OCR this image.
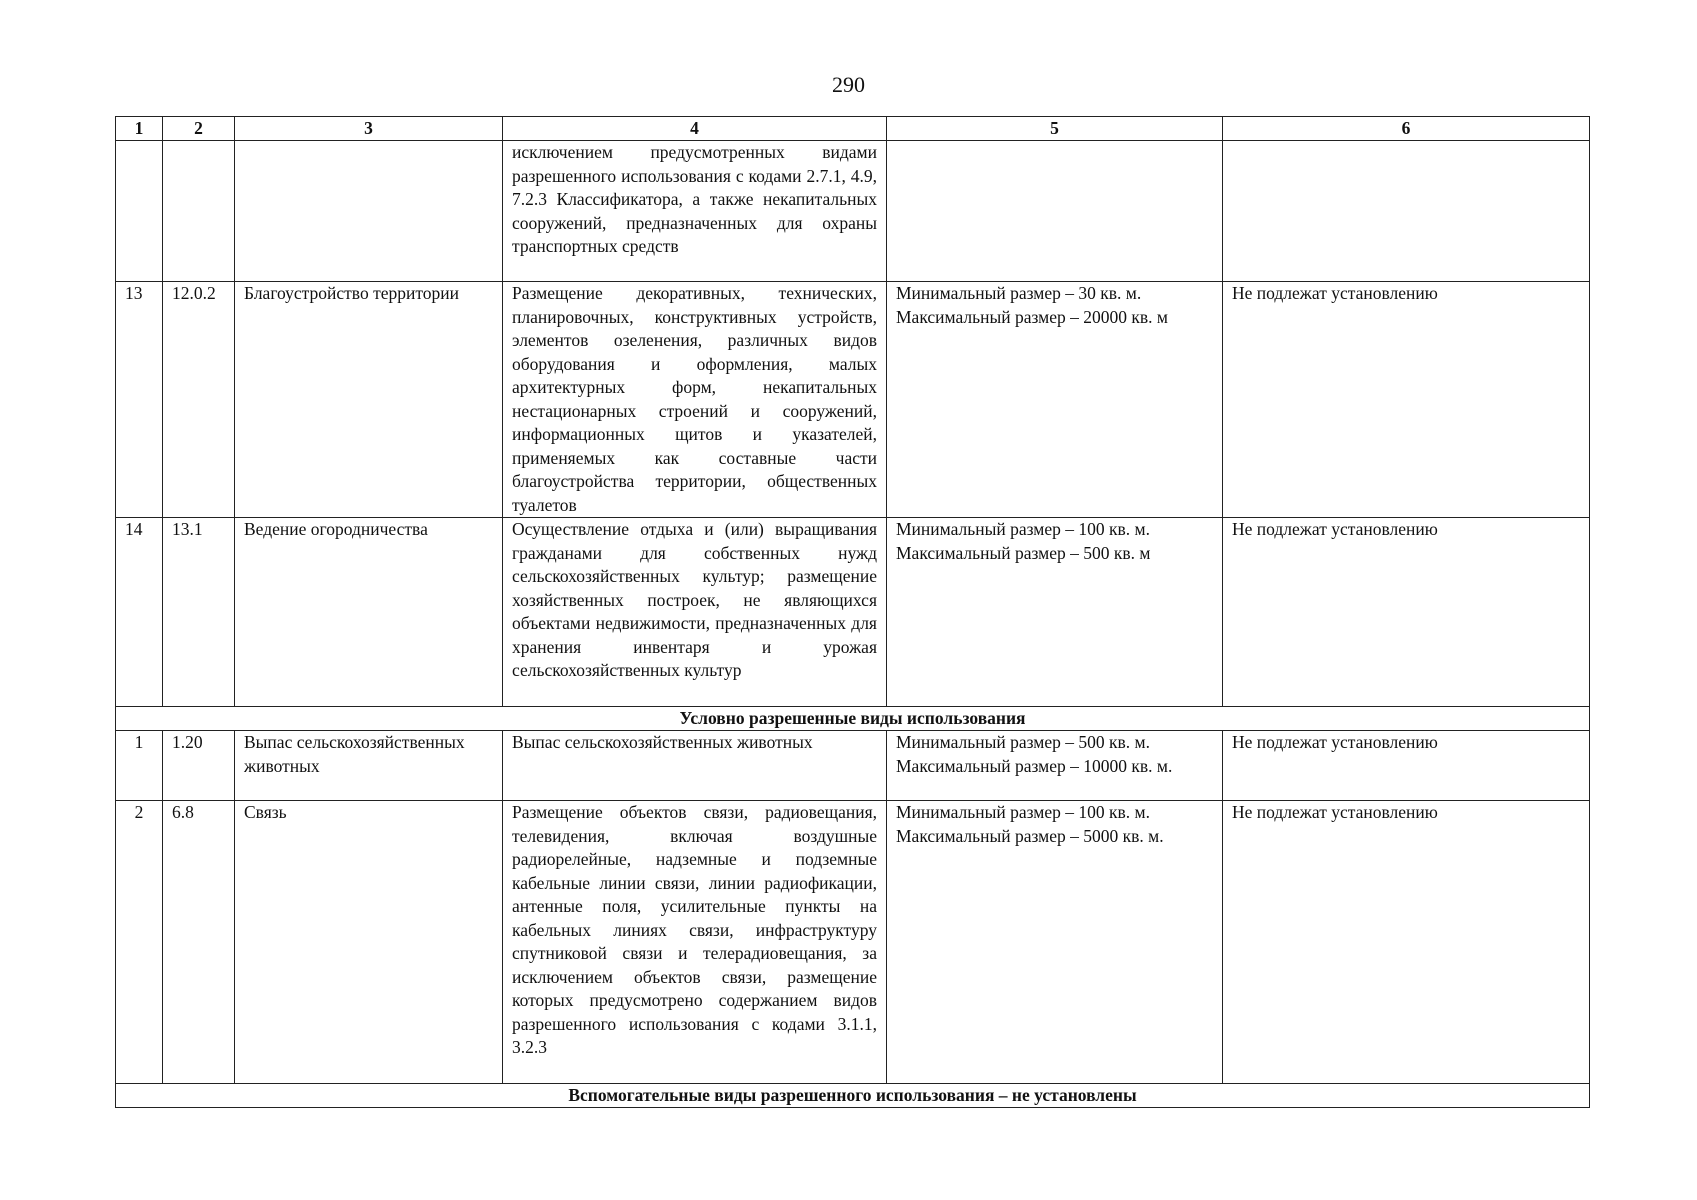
290
1	2	3	4	5	6
			исключением предусмотренных видами разрешенного использования с кодами 2.7.1, 4.9, 7.2.3 Классификатора, а также некапитальных сооружений, предназначенных для охраны транспортных средств		
13	12.0.2	Благоустройство территории	Размещение декоративных, технических, планировочных, конструктивных устройств, элементов озеленения, различных видов оборудования и оформления, малых архитектурных форм, некапитальных нестационарных строений и сооружений, информационных щитов и указателей, применяемых как составные части благоустройства территории, общественных туалетов	Минимальный размер – 30 кв. м.
Максимальный размер – 20000 кв. м	Не подлежат установлению
14	13.1	Ведение огородничества	Осуществление отдыха и (или) выращивания гражданами для собственных нужд сельскохозяйственных культур; размещение хозяйственных построек, не являющихся объектами недвижимости, предназначенных для хранения инвентаря и урожая сельскохозяйственных культур	Минимальный размер – 100 кв. м.
Максимальный размер – 500 кв. м	Не подлежат установлению
Условно разрешенные виды использования					
1	1.20	Выпас сельскохозяйственных животных	Выпас сельскохозяйственных животных	Минимальный размер – 500 кв. м.
Максимальный размер – 10000 кв. м.	Не подлежат установлению
2	6.8	Связь	Размещение объектов связи, радиовещания, телевидения, включая воздушные радиорелейные, надземные и подземные кабельные линии связи, линии радиофикации, антенные поля, усилительные пункты на кабельных линиях связи, инфраструктуру спутниковой связи и телерадиовещания, за исключением объектов связи, размещение которых предусмотрено содержанием видов разрешенного использования с кодами 3.1.1, 3.2.3	Минимальный размер – 100 кв. м.
Максимальный размер – 5000 кв. м.	Не подлежат установлению
Вспомогательные виды разрешенного использования – не установлены					
